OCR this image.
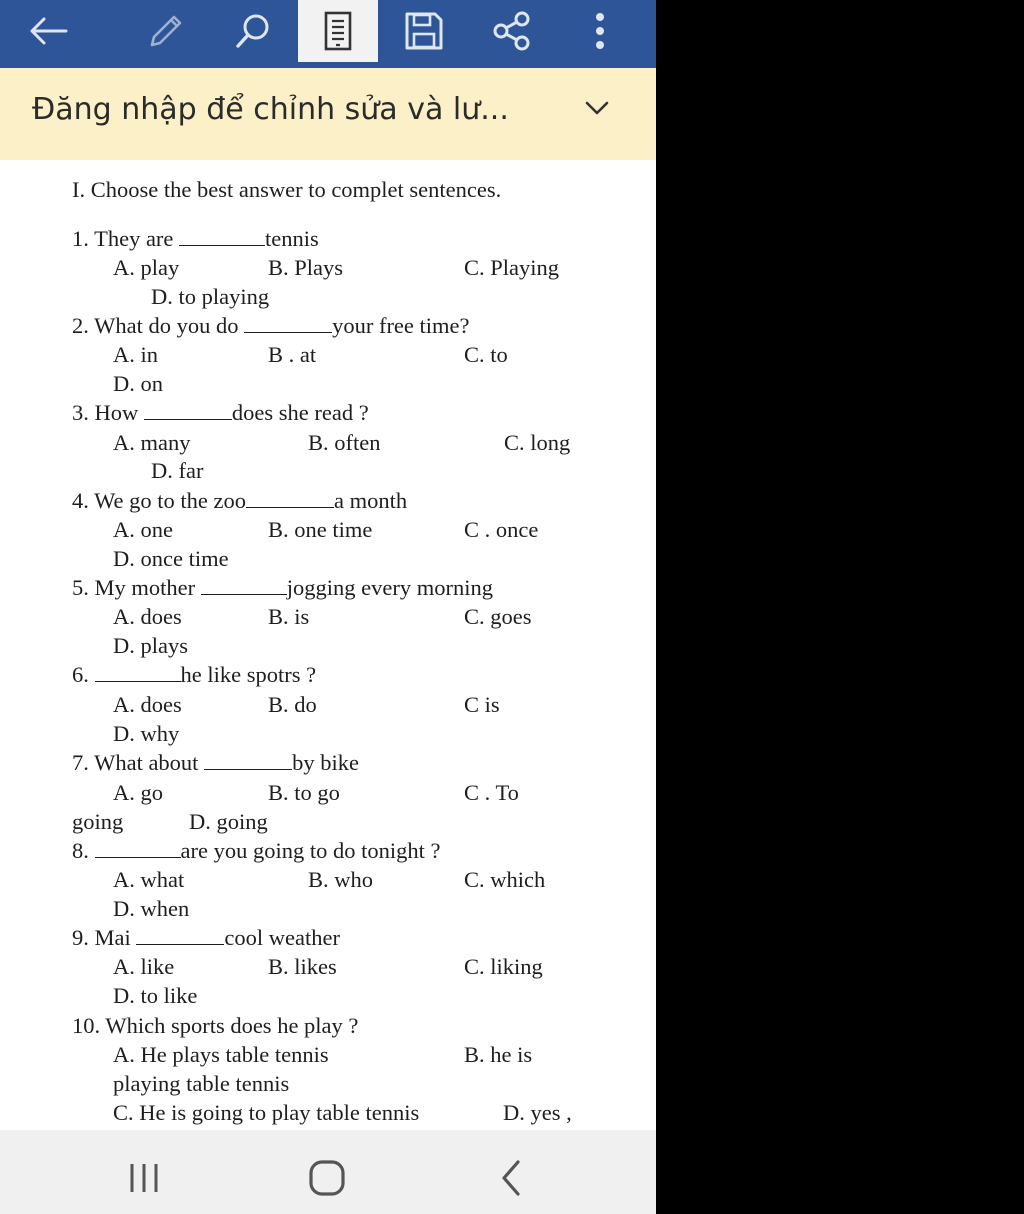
Đăng nhập để chỉnh sửa và lư...
I. Choose the best answer to complet sentences.
1. They are	tennis
A. play	B. Plays	C. Playing
D. to playing
2. What do you do	your free time?
A. in	B . at	C. to
D. on
3. How	does she read ?
A. many	B. often	C. long
D. far
4. We go to the zoo	a month
A. one	B. one time	C . once
D. once time
5. My mother	jogging every morning
A. does	B. is	C. goes
D. plays
6.	he like spotrs ?
A. does	B. do	C is
D. why
7. What about	by bike
A. go	B. to go	C . To
going	D. going
8.	are you going to do tonight ?
A. what	B. who	C. which
D. when
9. Mai	cool weather
A. like	B. likes	C. liking
D. to like
10. Which sports does he play ?
A. He plays table tennis	B. he is
playing table tennis
C. He is going to play table tennis	D. yes ,
